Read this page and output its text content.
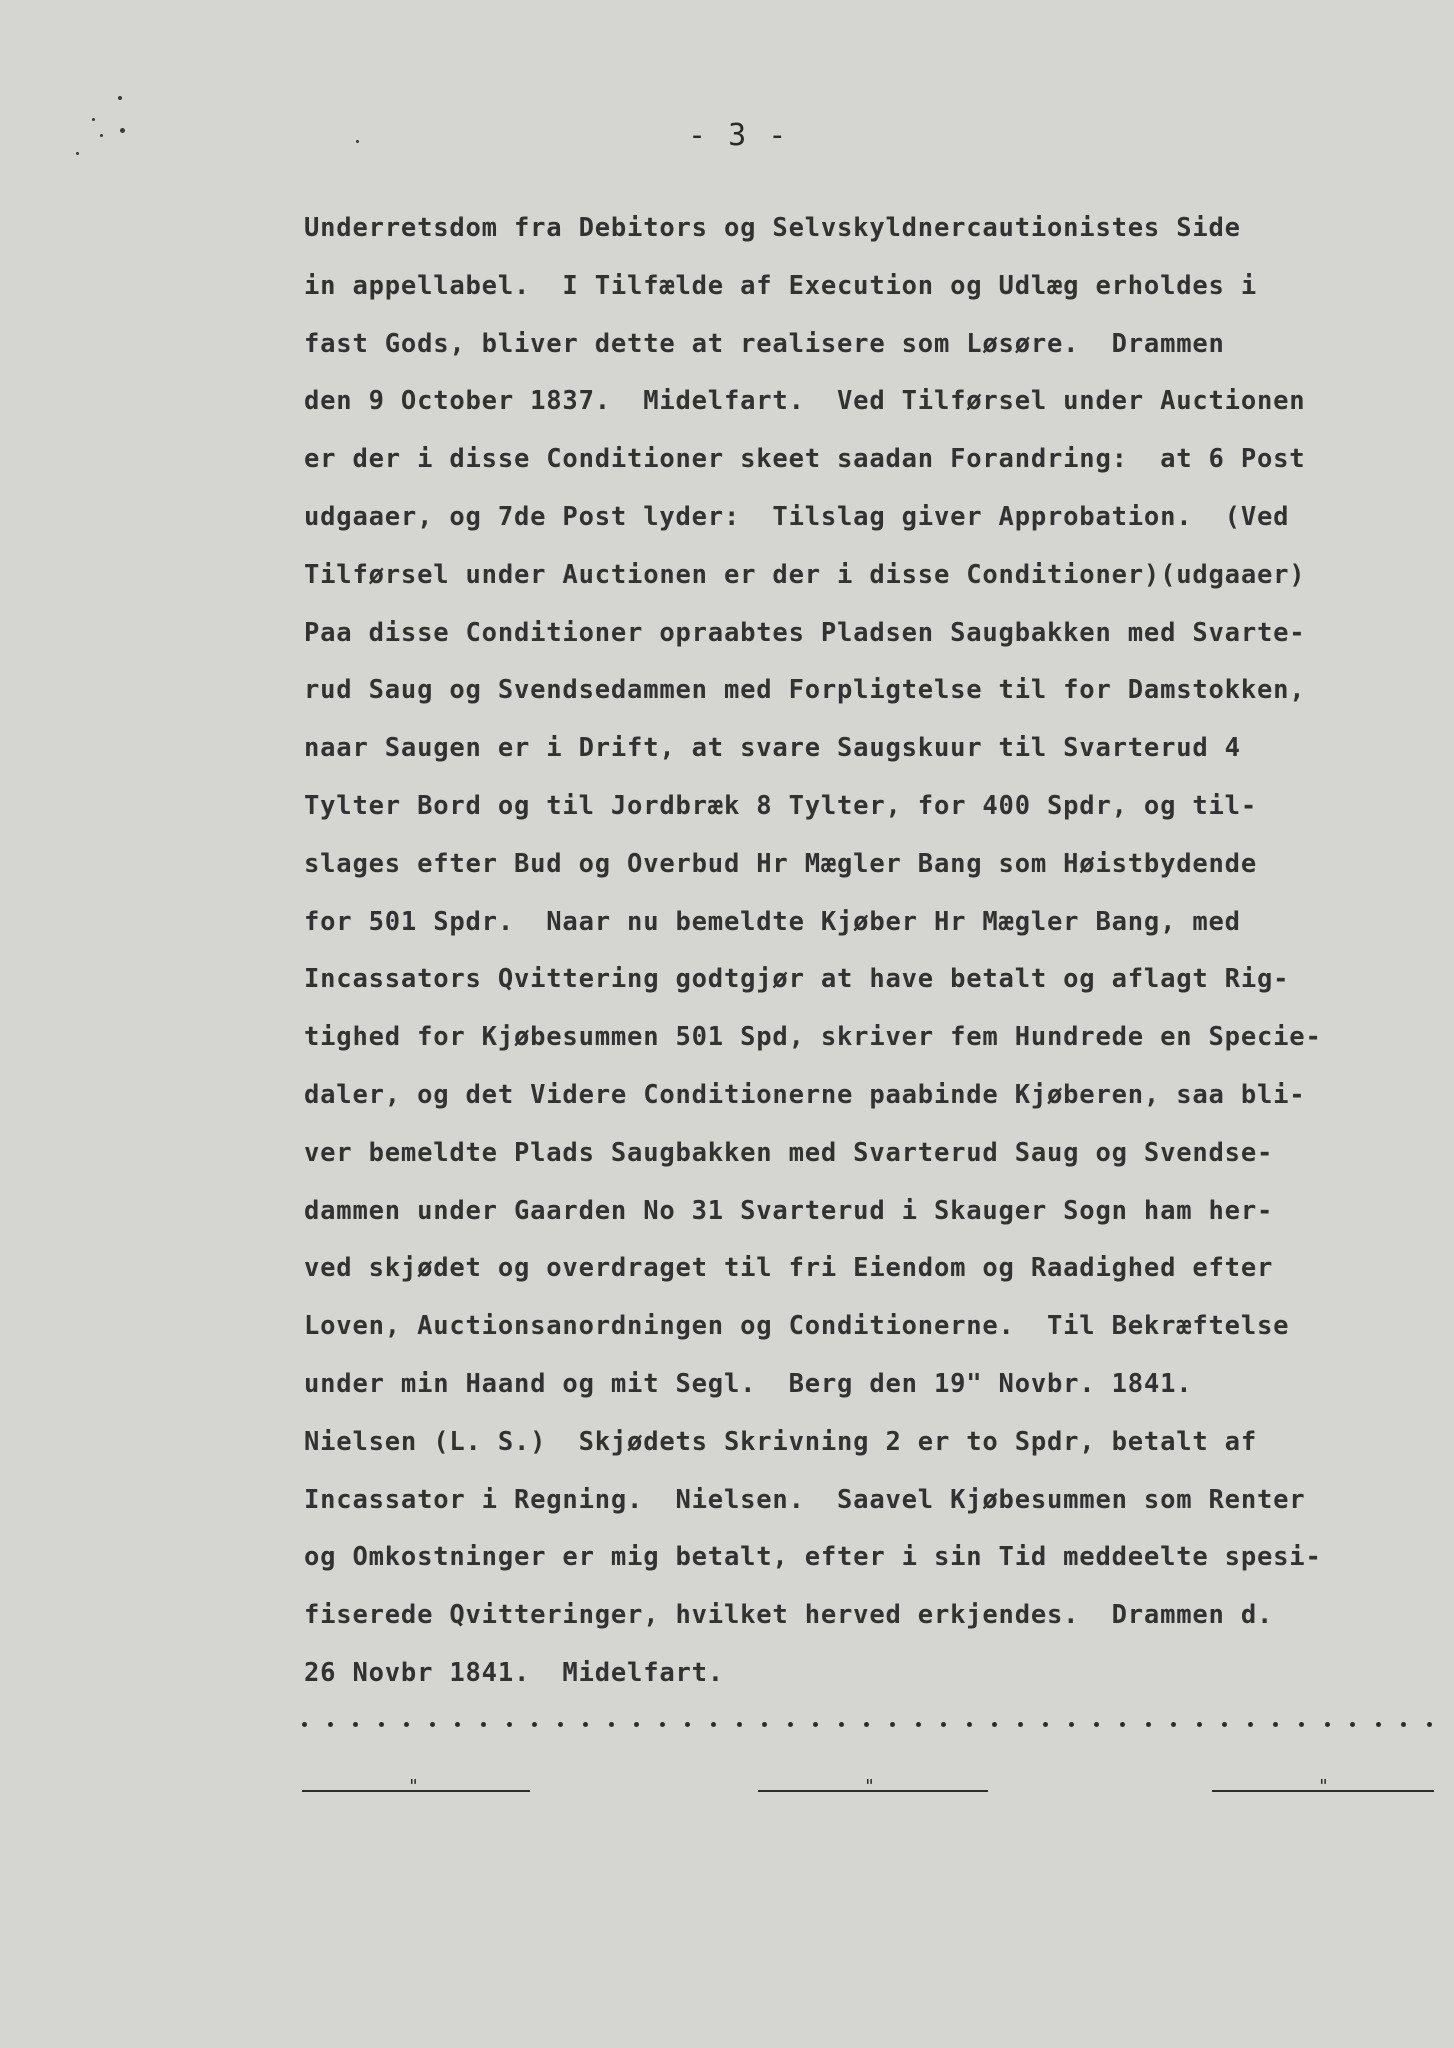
- 3 -
Underretsdom fra Debitors og Selvskyldnercautionistes Side
in appellabel.  I Tilfælde af Execution og Udlæg erholdes i
fast Gods, bliver dette at realisere som Løsøre.  Drammen
den 9 October 1837.  Midelfart.  Ved Tilførsel under Auctionen
er der i disse Conditioner skeet saadan Forandring:  at 6 Post
udgaaer, og 7de Post lyder:  Tilslag giver Approbation.  (Ved
Tilførsel under Auctionen er der i disse Conditioner)(udgaaer)
Paa disse Conditioner opraabtes Pladsen Saugbakken med Svarte-
rud Saug og Svendsedammen med Forpligtelse til for Damstokken,
naar Saugen er i Drift, at svare Saugskuur til Svarterud 4
Tylter Bord og til Jordbræk 8 Tylter, for 400 Spdr, og til-
slages efter Bud og Overbud Hr Mægler Bang som Høistbydende
for 501 Spdr.  Naar nu bemeldte Kjøber Hr Mægler Bang, med
Incassators Qvittering godtgjør at have betalt og aflagt Rig-
tighed for Kjøbesummen 501 Spd, skriver fem Hundrede en Specie-
daler, og det Videre Conditionerne paabinde Kjøberen, saa bli-
ver bemeldte Plads Saugbakken med Svarterud Saug og Svendse-
dammen under Gaarden No 31 Svarterud i Skauger Sogn ham her-
ved skjødet og overdraget til fri Eiendom og Raadighed efter
Loven, Auctionsanordningen og Conditionerne.  Til Bekræftelse
under min Haand og mit Segl.  Berg den 19" Novbr. 1841.
Nielsen (L. S.)  Skjødets Skrivning 2 er to Spdr, betalt af
Incassator i Regning.  Nielsen.  Saavel Kjøbesummen som Renter
og Omkostninger er mig betalt, efter i sin Tid meddeelte spesi-
fiserede Qvitteringer, hvilket herved erkjendes.  Drammen d.
26 Novbr 1841.  Midelfart.
"	"	"
